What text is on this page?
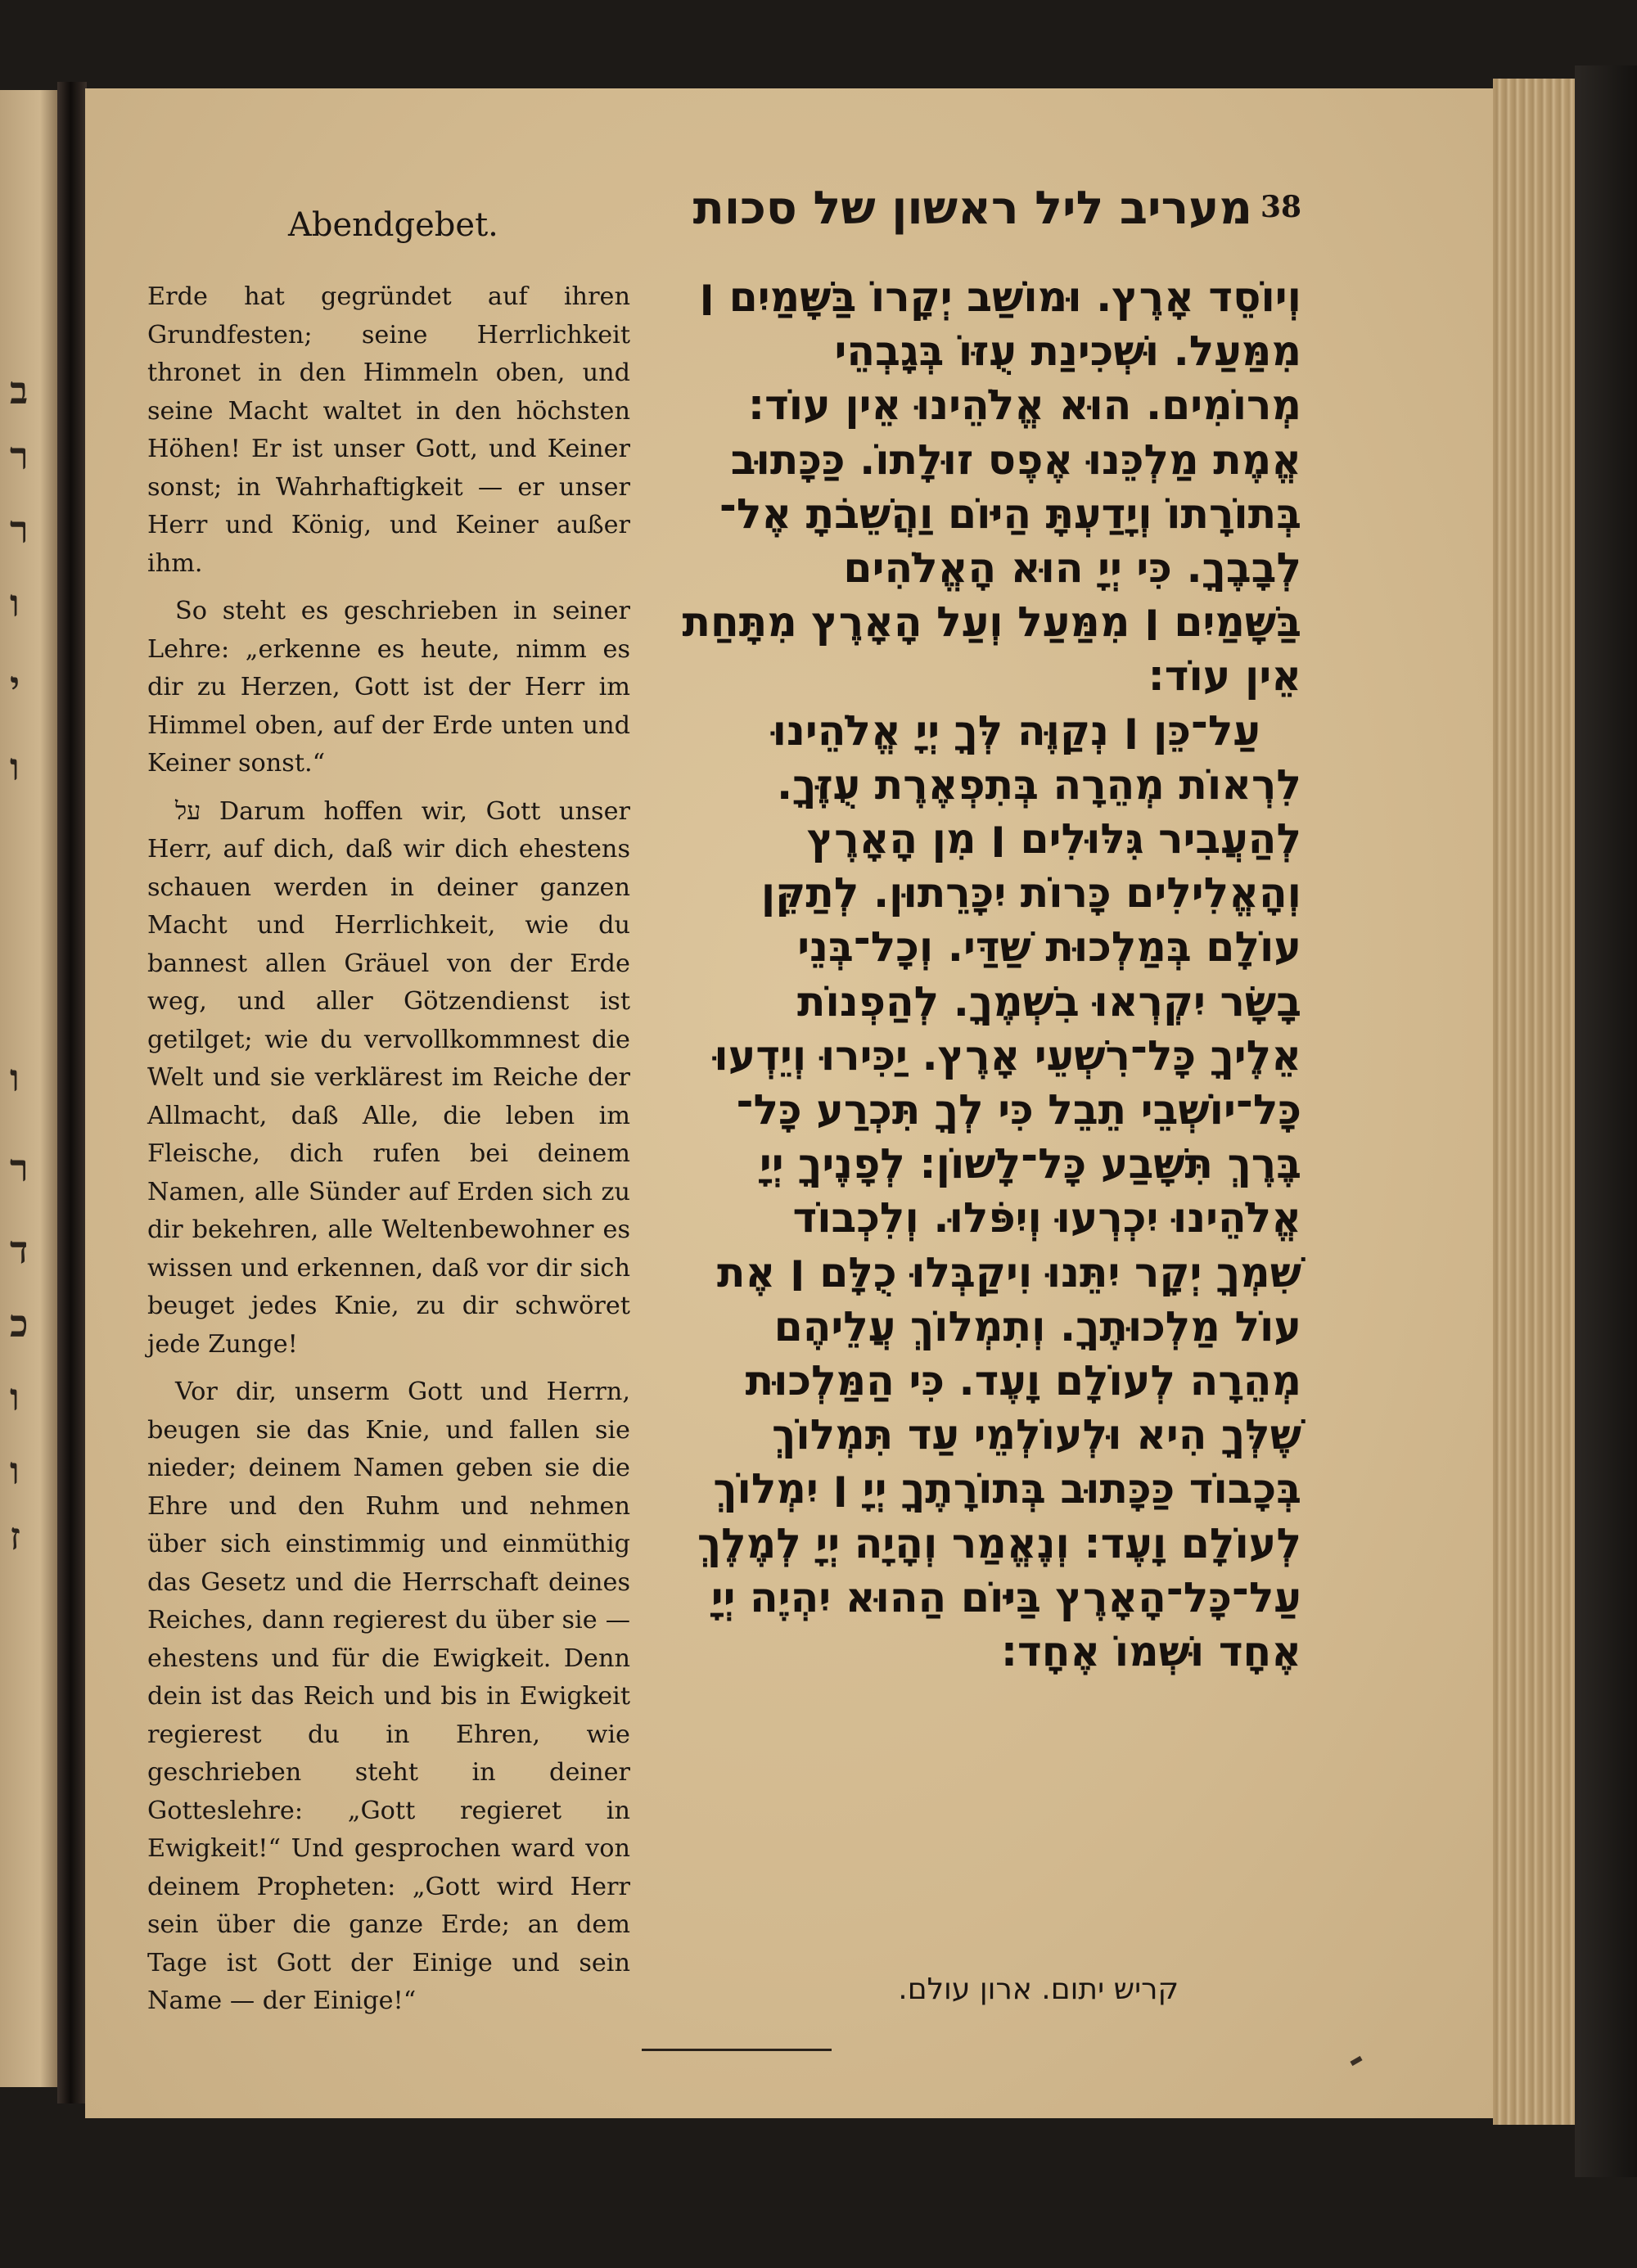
ב
ר
ר
ו
י
ו
ו
ר
ד
כ
ו
ו
ז
38
מעריב ליל ראשון של סכות
Abendgebet.

Erde hat gegründet auf ihren Grundfesten; seine Herrlichkeit thronet in den Himmeln oben, und seine Macht waltet in den höchsten Höhen! Er ist unser Gott, und Keiner sonst; in Wahrhaftigkeit — er unser Herr und König, und Keiner außer ihm.

So steht es geschrieben in seiner Lehre: „erkenne es heute, nimm es dir zu Herzen, Gott ist der Herr im Himmel oben, auf der Erde unten und Keiner sonst.“

על Darum hoffen wir, Gott unser Herr, auf dich, daß wir dich ehestens schauen werden in deiner ganzen Macht und Herrlichkeit, wie du bannest allen Gräuel von der Erde weg, und aller Götzendienst ist getilget; wie du vervollkommnest die Welt und sie verklärest im Reiche der Allmacht, daß Alle, die leben im Fleische, dich rufen bei deinem Namen, alle Sünder auf Erden sich zu dir bekehren, alle Weltenbewohner es wissen und erkennen, daß vor dir sich beuget jedes Knie, zu dir schwöret jede Zunge!

Vor dir, unserm Gott und Herrn, beugen sie das Knie, und fallen sie nieder; deinem Namen geben sie die Ehre und den Ruhm und nehmen über sich einstimmig und einmüthig das Gesetz und die Herrschaft deines Reiches, dann regierest du über sie — ehestens und für die Ewigkeit. Denn dein ist das Reich und bis in Ewigkeit regierest du in Ehren, wie geschrieben steht in deiner Gotteslehre: „Gott regieret in Ewigkeit!“ Und gesprochen ward von deinem Propheten: „Gott wird Herr sein über die ganze Erde; an dem Tage ist Gott der Einige und sein Name — der Einige!“

וְיוֹסֵד אָרֶץ. וּמוֹשַׁב יְקָרוֹ בַּשָּׁמַיִם ׀
מִמַּעַל. וּשְׁכִינַת עֻזּוֹ בְּגָבְהֵי
מְרוֹמִים. הוּא אֱלֹהֵינוּ אֵין עוֹד:
אֱמֶת מַלְכֵּנוּ אֶפֶס זוּלָתוֹ. כַּכָּתוּב
בְּתוֹרָתוֹ וְיָדַעְתָּ הַיּוֹם וַהֲשֵׁבֹתָ אֶל־
לְבָבֶךָ. כִּי יְיָ הוּא הָאֱלֹהִים
בַּשָּׁמַיִם ׀ מִמַּעַל וְעַל הָאָרֶץ מִתָּחַת
אֵין עוֹד:
עַל־כֵּן ׀ נְקַוֶּה לְּךָ יְיָ אֱלֹהֵינוּ
לִרְאוֹת מְהֵרָה בְּתִפְאֶרֶת עֻזֶּךָ.
לְהַעֲבִיר גִּלּוּלִים ׀ מִן הָאָרֶץ
וְהָאֱלִילִים כָּרוֹת יִכָּרֵתוּן. לְתַקֵּן
עוֹלָם בְּמַלְכוּת שַׁדַּי. וְכָל־בְּנֵי
בָשָׂר יִקְרְאוּ בִשְׁמֶךָ. לְהַפְנוֹת
אֵלֶיךָ כָּל־רִשְׁעֵי אָרֶץ. יַכִּירוּ וְיֵדְעוּ
כָּל־יוֹשְׁבֵי תֵבֵל כִּי לְךָ תִּכְרַע כָּל־
בֶּרֶךְ תִּשָּׁבַע כָּל־לָשׁוֹן: לְפָנֶיךָ יְיָ
אֱלֹהֵינוּ יִכְרְעוּ וְיִפֹּלוּ. וְלִכְבוֹד
שִׁמְךָ יְקָר יִתֵּנוּ וִיקַבְּלוּ כֻלָּם ׀ אֶת
עוֹל מַלְכוּתֶךָ. וְתִמְלוֹךְ עֲלֵיהֶם
מְהֵרָה לְעוֹלָם וָעֶד. כִּי הַמַּלְכוּת
שֶׁלְּךָ הִיא וּלְעוֹלְמֵי עַד תִּמְלוֹךְ
בְּכָבוֹד כַּכָּתוּב בְּתוֹרָתֶךָ יְיָ ׀ יִמְלוֹךְ
לְעוֹלָם וָעֶד: וְנֶאֱמַר וְהָיָה יְיָ לְמֶלֶךְ
עַל־כָּל־הָאָרֶץ בַּיּוֹם הַהוּא יִהְיֶה יְיָ
אֶחָד וּשְׁמוֹ אֶחָד:
קריש יתום. ארון עולם.
